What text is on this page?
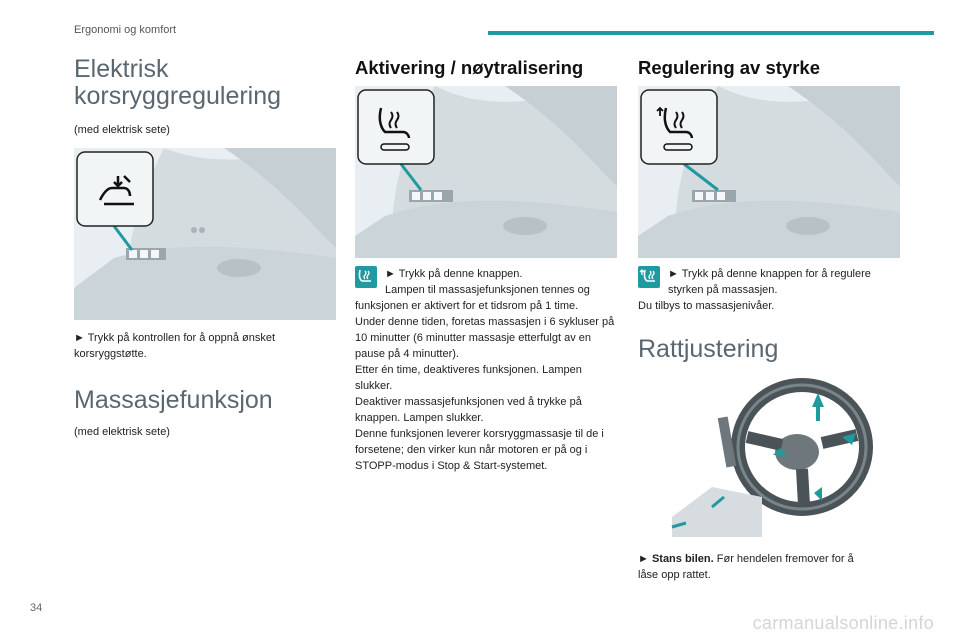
Ergonomi og komfort
Elektrisk korsryggregulering

(med elektrisk sete)

► Trykk på kontrollen for å oppnå ønsket korsryggstøtte.

Massasjefunksjon

(med elektrisk sete)

Aktivering / nøytralisering

► Trykk på denne knappen.

Lampen til massasjefunksjonen tennes og

funksjonen er aktivert for et tidsrom på 1 time.

Under denne tiden, foretas massasjen i 6 sykluser på 10 minutter (6 minutter massasje etterfulgt av en pause på 4 minutter).

Etter én time, deaktiveres funksjonen. Lampen slukker.

Deaktiver massasjefunksjonen ved å trykke på knappen. Lampen slukker.

Denne funksjonen leverer korsryggmassasje til de i forsetene; den virker kun når motoren er på og i STOPP-modus i Stop & Start-systemet.

Regulering av styrke

► Trykk på denne knappen for å regulere

styrken på massasjen.

Du tilbys to massasjenivåer.

Rattjustering

► Stans bilen. Før hendelen fremover for å

låse opp rattet.

34
carmanualsonline.info
